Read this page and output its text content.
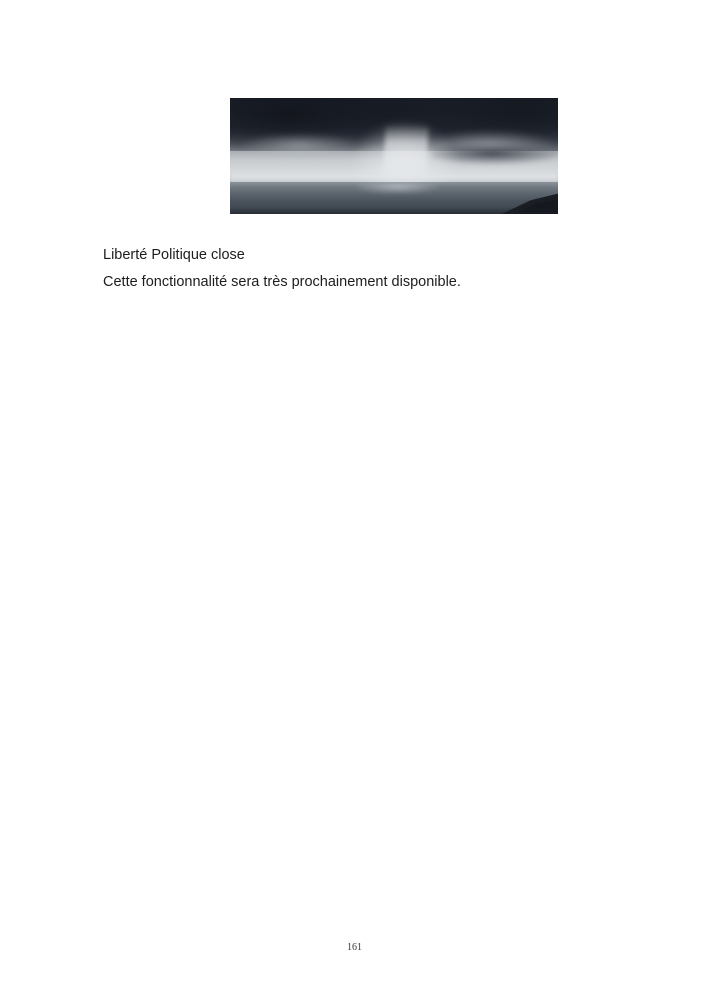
Liberté Politique close
Cette fonctionnalité sera très prochainement disponible.
161
